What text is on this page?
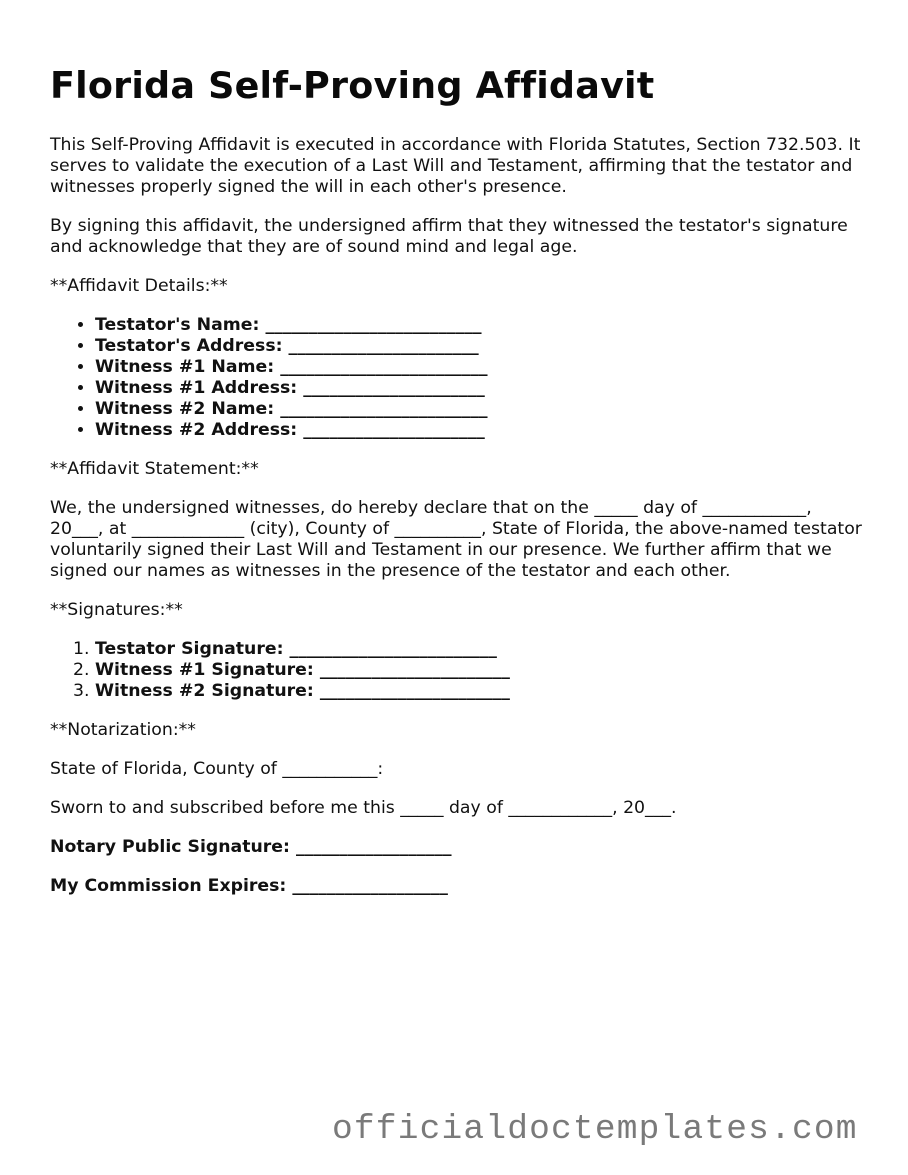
Florida Self-Proving Affidavit

This Self-Proving Affidavit is executed in accordance with Florida Statutes, Section 732.503. It serves to validate the execution of a Last Will and Testament, affirming that the testator and witnesses properly signed the will in each other's presence.

By signing this affidavit, the undersigned affirm that they witnessed the testator's signature and acknowledge that they are of sound mind and legal age.

**Affidavit Details:**

• Testator's Name: _________________________
• Testator's Address: ______________________
• Witness #1 Name: ________________________
• Witness #1 Address: _____________________
• Witness #2 Name: ________________________
• Witness #2 Address: _____________________

**Affidavit Statement:**

We, the undersigned witnesses, do hereby declare that on the _____ day of ____________, 20___, at _____________ (city), County of __________, State of Florida, the above-named testator voluntarily signed their Last Will and Testament in our presence. We further affirm that we signed our names as witnesses in the presence of the testator and each other.

**Signatures:**

1. Testator Signature: ________________________
2. Witness #1 Signature: ______________________
3. Witness #2 Signature: ______________________

**Notarization:**

State of Florida, County of ___________:

Sworn to and subscribed before me this _____ day of ____________, 20___.

Notary Public Signature: __________________

My Commission Expires: __________________

officialdoctemplates.com
